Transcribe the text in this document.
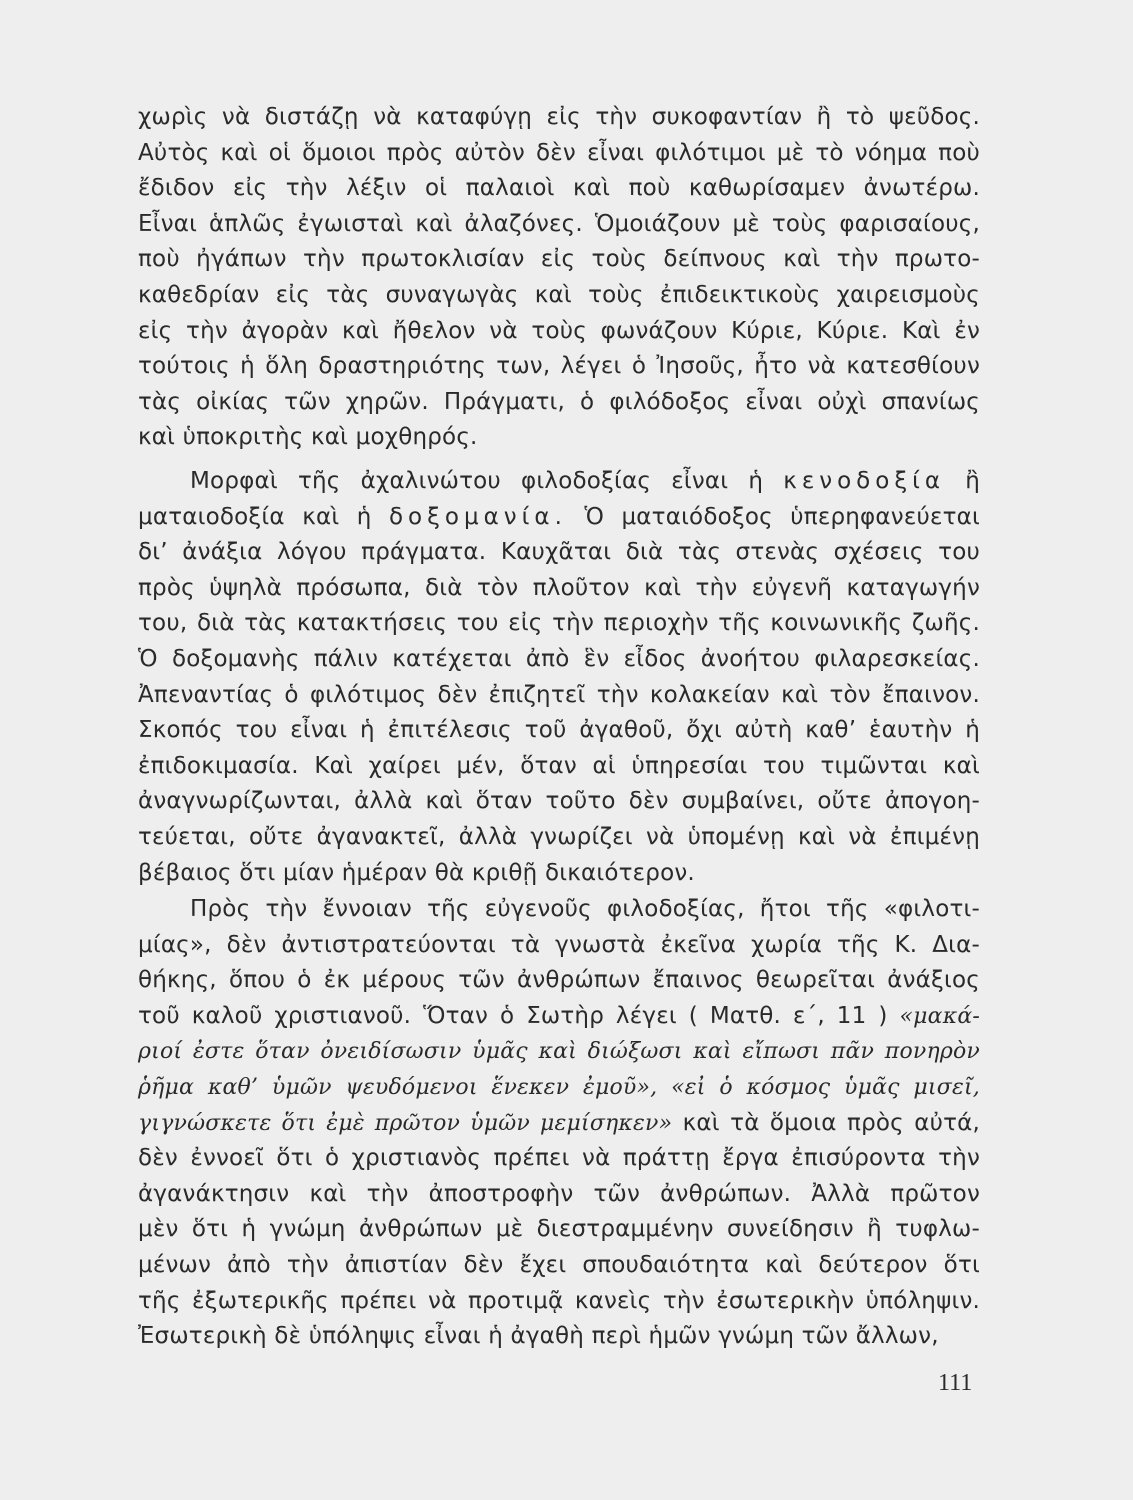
χωρὶς νὰ διστάζῃ νὰ καταφύγῃ εἰς τὴν συκοφαντίαν ἢ τὸ ψεῦδος.
Αὐτὸς καὶ οἱ ὅμοιοι πρὸς αὐτὸν δὲν εἶναι φιλότιμοι μὲ τὸ νόημα ποὺ
ἔδιδον εἰς τὴν λέξιν οἱ παλαιοὶ καὶ ποὺ καθωρίσαμεν ἀνωτέρω.
Εἶναι ἁπλῶς ἐγωισταὶ καὶ ἀλαζόνες. Ὁμοιάζουν μὲ τοὺς φαρισαίους,
ποὺ ἠγάπων τὴν πρωτοκλισίαν εἰς τοὺς δείπνους καὶ τὴν πρωτο-
καθεδρίαν εἰς τὰς συναγωγὰς καὶ τοὺς ἐπιδεικτικοὺς χαιρεισμοὺς
εἰς τὴν ἀγορὰν καὶ ἤθελον νὰ τοὺς φωνάζουν Κύριε, Κύριε. Καὶ ἐν
τούτοις ἡ ὅλη δραστηριότης των, λέγει ὁ Ἰησοῦς, ἦτο νὰ κατεσθίουν
τὰς οἰκίας τῶν χηρῶν. Πράγματι, ὁ φιλόδοξος εἶναι οὐχὶ σπανίως
καὶ ὑποκριτὴς καὶ μοχθηρός.
Μορφαὶ τῆς ἀχαλινώτου φιλοδοξίας εἶναι ἡ κενοδοξία ἢ
ματαιοδοξία καὶ ἡ δοξομανία. Ὁ ματαιόδοξος ὑπερηφανεύεται
δι’ ἀνάξια λόγου πράγματα. Καυχᾶται διὰ τὰς στενὰς σχέσεις του
πρὸς ὑψηλὰ πρόσωπα, διὰ τὸν πλοῦτον καὶ τὴν εὐγενῆ καταγωγήν
του, διὰ τὰς κατακτήσεις του εἰς τὴν περιοχὴν τῆς κοινωνικῆς ζωῆς.
Ὁ δοξομανὴς πάλιν κατέχεται ἀπὸ ἓν εἶδος ἀνοήτου φιλαρεσκείας.
Ἀπεναντίας ὁ φιλότιμος δὲν ἐπιζητεῖ τὴν κολακείαν καὶ τὸν ἔπαινον.
Σκοπός του εἶναι ἡ ἐπιτέλεσις τοῦ ἀγαθοῦ, ὄχι αὐτὴ καθ’ ἑαυτὴν ἡ
ἐπιδοκιμασία. Καὶ χαίρει μέν, ὅταν αἱ ὑπηρεσίαι του τιμῶνται καὶ
ἀναγνωρίζωνται, ἀλλὰ καὶ ὅταν τοῦτο δὲν συμβαίνει, οὔτε ἀπογοη-
τεύεται, οὔτε ἀγανακτεῖ, ἀλλὰ γνωρίζει νὰ ὑπομένῃ καὶ νὰ ἐπιμένῃ
βέβαιος ὅτι μίαν ἡμέραν θὰ κριθῇ δικαιότερον.
Πρὸς τὴν ἔννοιαν τῆς εὐγενοῦς φιλοδοξίας, ἤτοι τῆς «φιλοτι-
μίας», δὲν ἀντιστρατεύονται τὰ γνωστὰ ἐκεῖνα χωρία τῆς Κ. Δια-
θήκης, ὅπου ὁ ἐκ μέρους τῶν ἀνθρώπων ἔπαινος θεωρεῖται ἀνάξιος
τοῦ καλοῦ χριστιανοῦ. Ὅταν ὁ Σωτὴρ λέγει ( Ματθ. ε΄, 11 ) «μακά-
ριοί ἐστε ὅταν ὀνειδίσωσιν ὑμᾶς καὶ διώξωσι καὶ εἴπωσι πᾶν πονηρὸν
ῥῆμα καθ’ ὑμῶν ψευδόμενοι ἕνεκεν ἐμοῦ», «εἰ ὁ κόσμος ὑμᾶς μισεῖ,
γιγνώσκετε ὅτι ἐμὲ πρῶτον ὑμῶν μεμίσηκεν» καὶ τὰ ὅμοια πρὸς αὐτά,
δὲν ἐννοεῖ ὅτι ὁ χριστιανὸς πρέπει νὰ πράττῃ ἔργα ἐπισύροντα τὴν
ἀγανάκτησιν καὶ τὴν ἀποστροφὴν τῶν ἀνθρώπων. Ἀλλὰ πρῶτον
μὲν ὅτι ἡ γνώμη ἀνθρώπων μὲ διεστραμμένην συνείδησιν ἢ τυφλω-
μένων ἀπὸ τὴν ἀπιστίαν δὲν ἔχει σπουδαιότητα καὶ δεύτερον ὅτι
τῆς ἐξωτερικῆς πρέπει νὰ προτιμᾷ κανεὶς τὴν ἐσωτερικὴν ὑπόληψιν.
Ἐσωτερικὴ δὲ ὑπόληψις εἶναι ἡ ἀγαθὴ περὶ ἡμῶν γνώμη τῶν ἄλλων,
111
